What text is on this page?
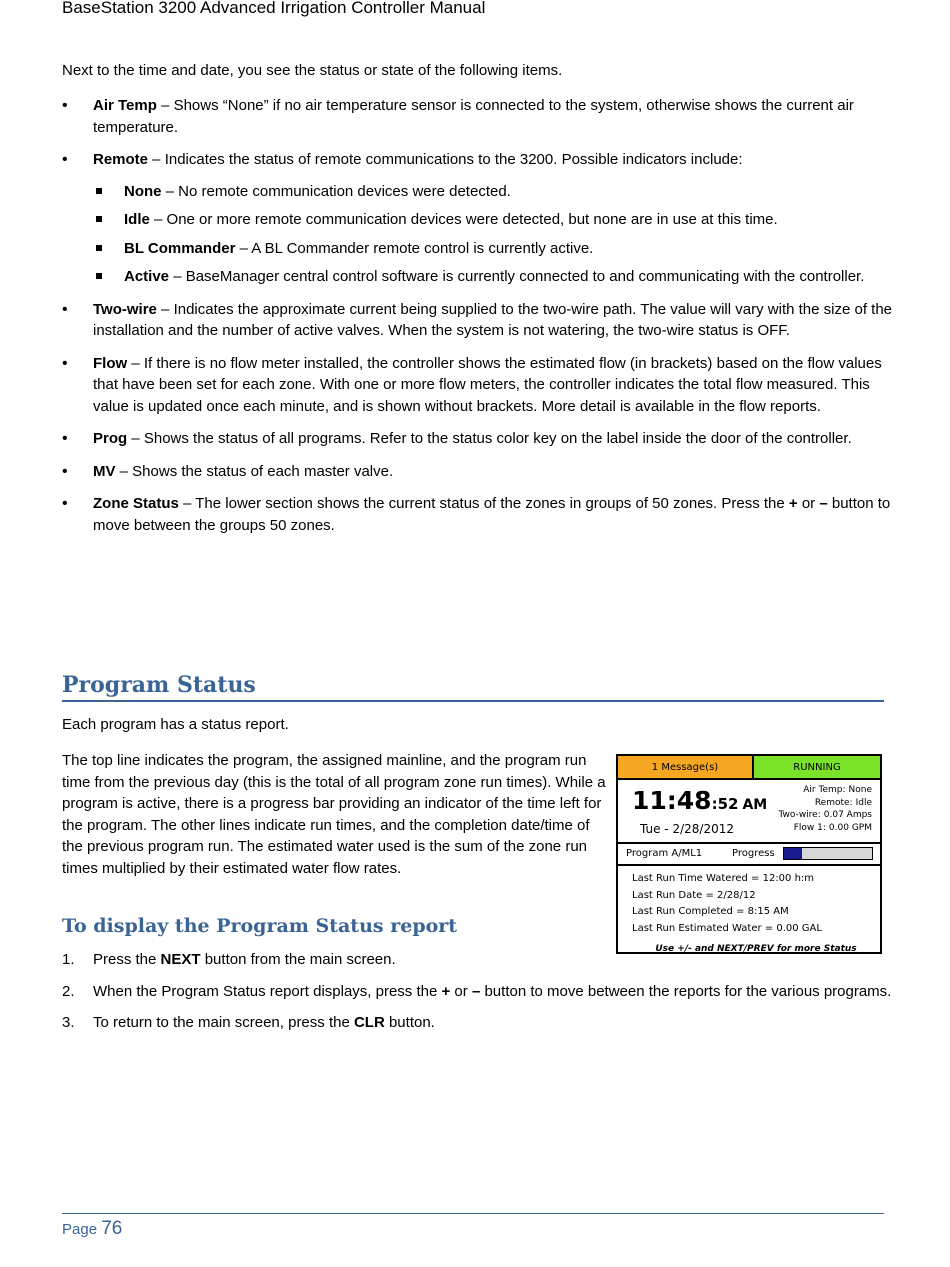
BaseStation 3200 Advanced Irrigation Controller Manual
Next to the time and date, you see the status or state of the following items.
• Air Temp – Shows “None” if no air temperature sensor is connected to the system, otherwise shows the current air temperature.
• Remote – Indicates the status of remote communications to the 3200. Possible indicators include:
None – No remote communication devices were detected.
Idle – One or more remote communication devices were detected, but none are in use at this time.
BL Commander – A BL Commander remote control is currently active.
Active – BaseManager central control software is currently connected to and communicating with the controller.
• Two-wire – Indicates the approximate current being supplied to the two-wire path. The value will vary with the size of the installation and the number of active valves. When the system is not watering, the two-wire status is OFF.
• Flow – If there is no flow meter installed, the controller shows the estimated flow (in brackets) based on the flow values that have been set for each zone. With one or more flow meters, the controller indicates the total flow measured. This value is updated once each minute, and is shown without brackets. More detail is available in the flow reports.
• Prog – Shows the status of all programs. Refer to the status color key on the label inside the door of the controller.
• MV – Shows the status of each master valve.
• Zone Status – The lower section shows the current status of the zones in groups of 50 zones. Press the + or – button to move between the groups 50 zones.
Program Status
Each program has a status report.
The top line indicates the program, the assigned mainline, and the program run time from the previous day (this is the total of all program zone run times). While a program is active, there is a progress bar providing an indicator of the time left for the program. The other lines indicate run times, and the completion date/time of the previous program run. The estimated water used is the sum of the zone run times multiplied by their estimated water flow rates.
To display the Program Status report
1. Press the NEXT button from the main screen.
2. When the Program Status report displays, press the + or – button to move between the reports for the various programs.
3. To return to the main screen, press the CLR button.
1 Message(s)	RUNNING
11:48:52 AM
Tue - 2/28/2012
Air Temp: None
Remote: Idle
Two-wire: 0.07 Amps
Flow 1: 0.00 GPM
Program A/ML1	Progress
Last Run Time Watered = 12:00 h:m
Last Run Date = 2/28/12
Last Run Completed = 8:15 AM
Last Run Estimated Water = 0.00 GAL
Use +/- and NEXT/PREV for more Status
Page 76
